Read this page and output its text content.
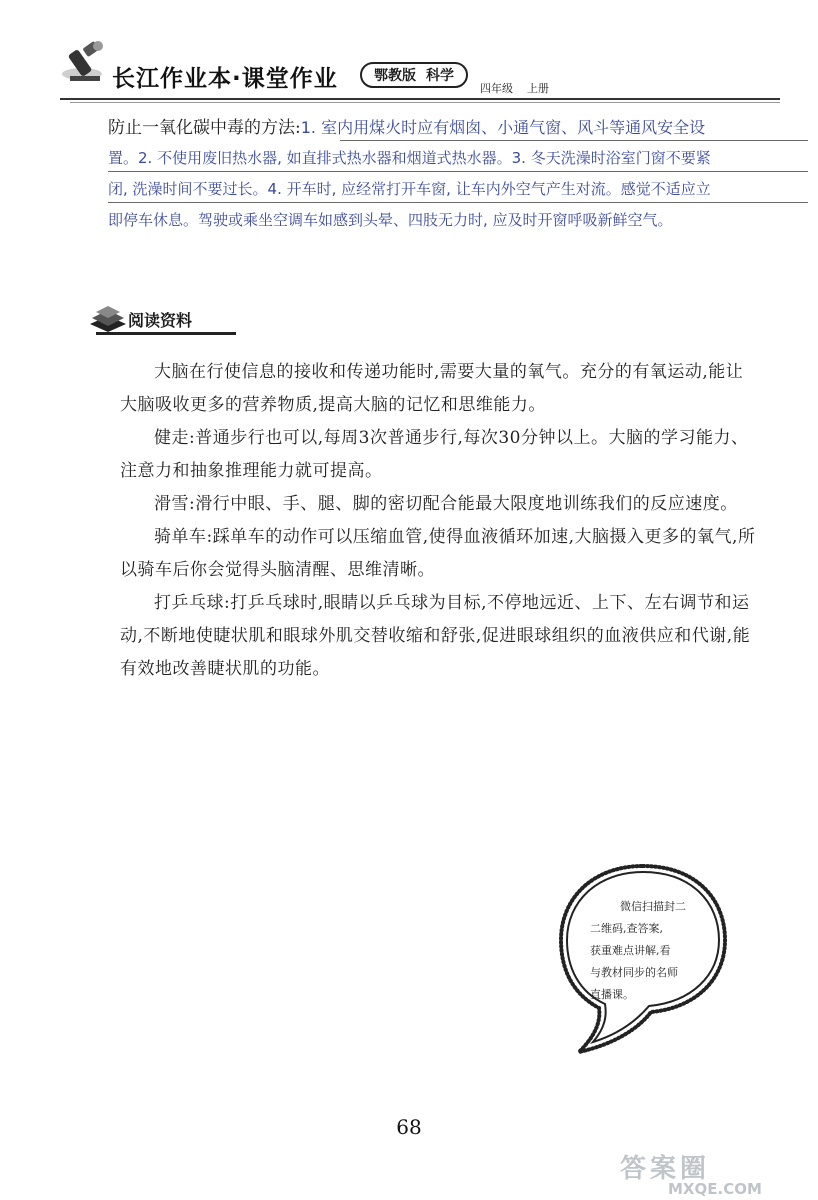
长江作业本·课堂作业	鄂教版 科学
四年级 上册
防止一氧化碳中毒的方法:1. 室内用煤火时应有烟囱、小通气窗、风斗等通风安全设
置。2. 不使用废旧热水器, 如直排式热水器和烟道式热水器。3. 冬天洗澡时浴室门窗不要紧
闭, 洗澡时间不要过长。4. 开车时, 应经常打开车窗, 让车内外空气产生对流。感觉不适应立
即停车休息。驾驶或乘坐空调车如感到头晕、四肢无力时, 应及时开窗呼吸新鲜空气。
阅读资料

大脑在行使信息的接收和传递功能时,需要大量的氧气。充分的有氧运动,能让大脑吸收更多的营养物质,提高大脑的记忆和思维能力。

健走:普通步行也可以,每周3次普通步行,每次30分钟以上。大脑的学习能力、注意力和抽象推理能力就可提高。

滑雪:滑行中眼、手、腿、脚的密切配合能最大限度地训练我们的反应速度。

骑单车:踩单车的动作可以压缩血管,使得血液循环加速,大脑摄入更多的氧气,所以骑车后你会觉得头脑清醒、思维清晰。

打乒乓球:打乒乓球时,眼睛以乒乓球为目标,不停地远近、上下、左右调节和运动,不断地使睫状肌和眼球外肌交替收缩和舒张,促进眼球组织的血液供应和代谢,能有效地改善睫状肌的功能。

微信扫描封二
二维码,查答案,
获重难点讲解,看
与教材同步的名师
直播课。
68
答案圈
MXQE.COM
